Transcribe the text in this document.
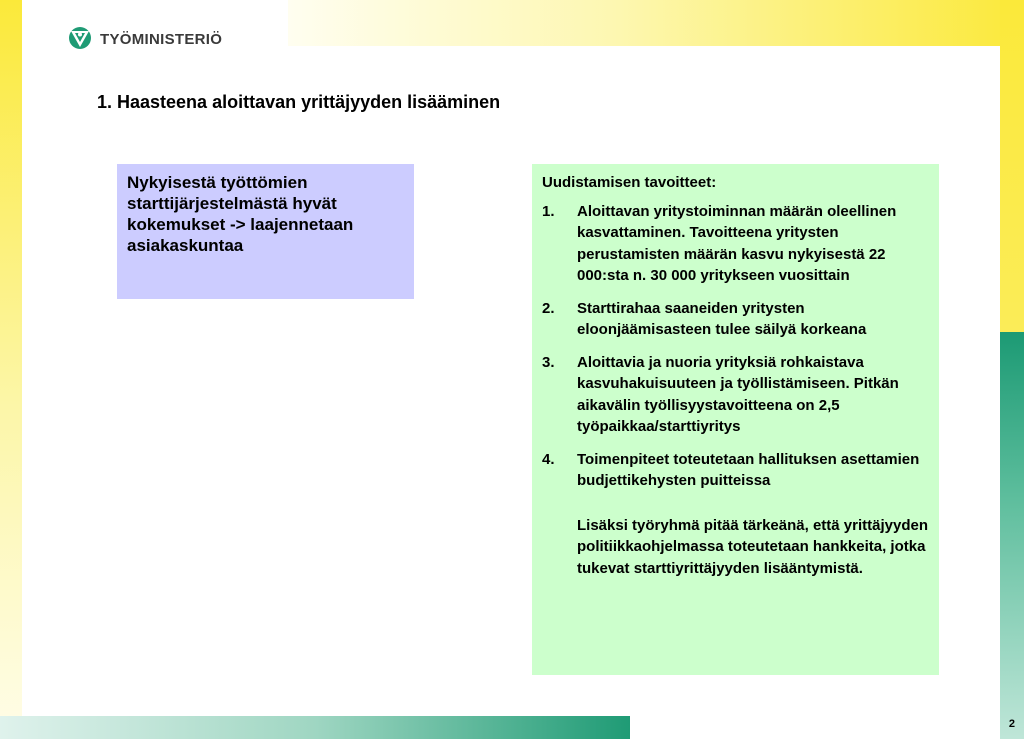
TYÖMINISTERIÖ
1. Haasteena aloittavan yrittäjyyden lisääminen
Nykyisestä työttömien starttijärjestelmästä hyvät kokemukset -> laajennetaan asiakaskuntaa

Uudistamisen tavoitteet:

1.	Aloittavan yritystoiminnan määrän oleellinen kasvattaminen. Tavoitteena yritysten perustamisten määrän kasvu nykyisestä 22 000:sta n. 30 000 yritykseen vuosittain
2.	Starttirahaa saaneiden yritysten eloonjäämisasteen tulee säilyä korkeana
3.	Aloittavia ja nuoria yrityksiä rohkaistava kasvuhakuisuuteen ja työllistämiseen. Pitkän aikavälin työllisyystavoitteena on 2,5 työpaikkaa/starttiyritys
4.	Toimenpiteet toteutetaan hallituksen asettamien budjettikehysten puitteissa

Lisäksi työryhmä pitää tärkeänä, että yrittäjyyden politiikkaohjelmassa toteutetaan hankkeita, jotka tukevat starttiyrittäjyyden lisääntymistä.

2
